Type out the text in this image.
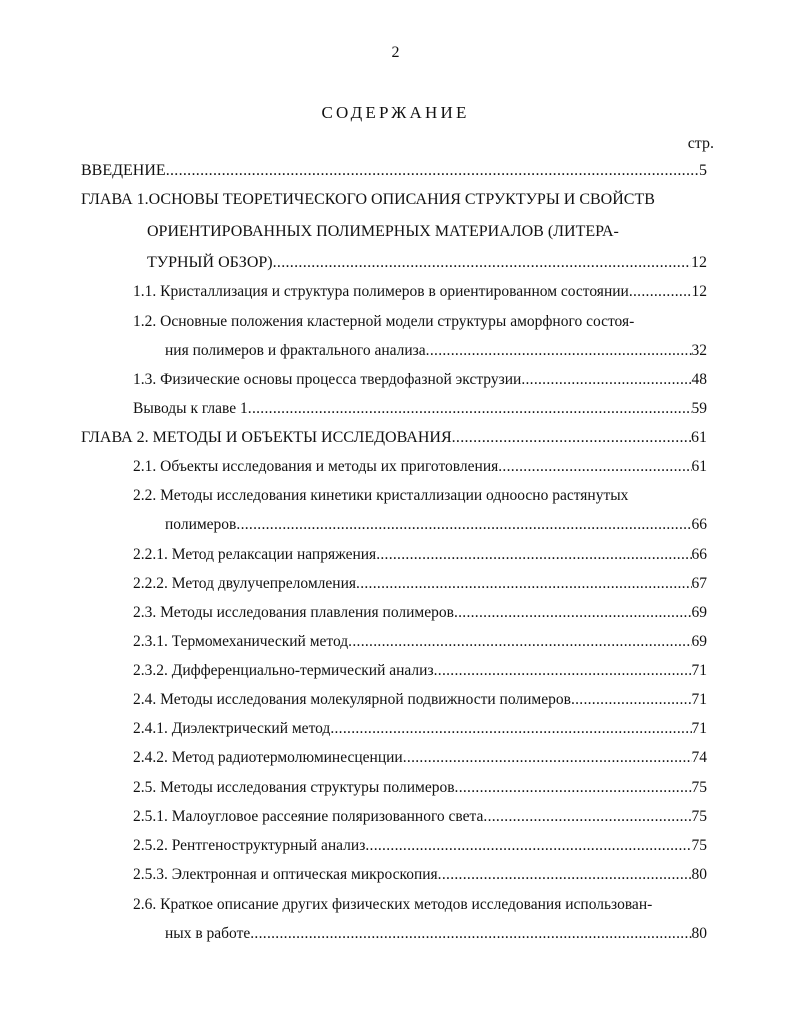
2
СОДЕРЖАНИЕ
стр.
ВВЕДЕНИЕ .....	5
ГЛАВА 1.ОСНОВЫ ТЕОРЕТИЧЕСКОГО ОПИСАНИЯ СТРУКТУРЫ И СВОЙСТВ
ОРИЕНТИРОВАННЫХ ПОЛИМЕРНЫХ МАТЕРИАЛОВ (ЛИТЕРА-
ТУРНЫЙ ОБЗОР) .....	12
1.1. Кристаллизация и структура полимеров в ориентированном состоянии .....	12
1.2. Основные положения кластерной модели структуры аморфного состоя-
ния полимеров и фрактального анализа .....	32
1.3. Физические основы процесса твердофазной экструзии .....	48
Выводы к главе 1 .....	59
ГЛАВА 2. МЕТОДЫ И ОБЪЕКТЫ ИССЛЕДОВАНИЯ .....	61
2.1. Объекты исследования и методы их приготовления .....	61
2.2. Методы исследования кинетики кристаллизации одноосно растянутых
полимеров .....	66
2.2.1. Метод релаксации напряжения .....	66
2.2.2. Метод двулучепреломления .....	67
2.3. Методы исследования плавления полимеров .....	69
2.3.1. Термомеханический метод .....	69
2.3.2. Дифференциально-термический анализ .....	71
2.4. Методы исследования молекулярной подвижности полимеров .....	71
2.4.1. Диэлектрический метод .....	71
2.4.2. Метод радиотермолюминесценции .....	74
2.5. Методы исследования структуры полимеров .....	75
2.5.1. Малоугловое рассеяние поляризованного света .....	75
2.5.2. Рентгеноструктурный анализ .....	75
2.5.3. Электронная и оптическая микроскопия .....	80
2.6. Краткое описание других физических методов исследования использован-
ных в работе .....	80
